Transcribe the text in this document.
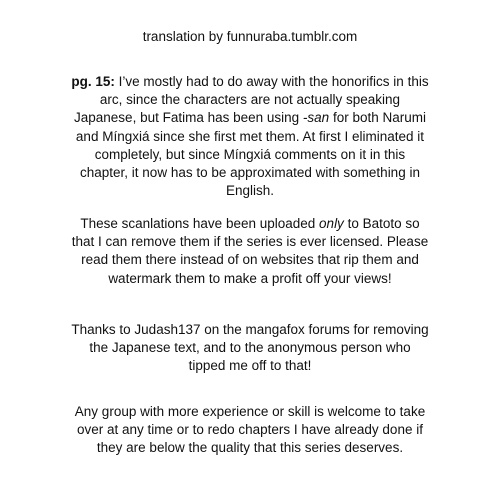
translation by funnuraba.tumblr.com
pg. 15: I’ve mostly had to do away with the honorifics in this arc, since the characters are not actually speaking Japanese, but Fatima has been using -san for both Narumi and Míngxiá since she first met them. At first I eliminated it completely, but since Míngxiá comments on it in this chapter, it now has to be approximated with something in English.
These scanlations have been uploaded only to Batoto so that I can remove them if the series is ever licensed. Please read them there instead of on websites that rip them and watermark them to make a profit off your views!
Thanks to Judash137 on the mangafox forums for removing the Japanese text, and to the anonymous person who tipped me off to that!
Any group with more experience or skill is welcome to take over at any time or to redo chapters I have already done if they are below the quality that this series deserves.
